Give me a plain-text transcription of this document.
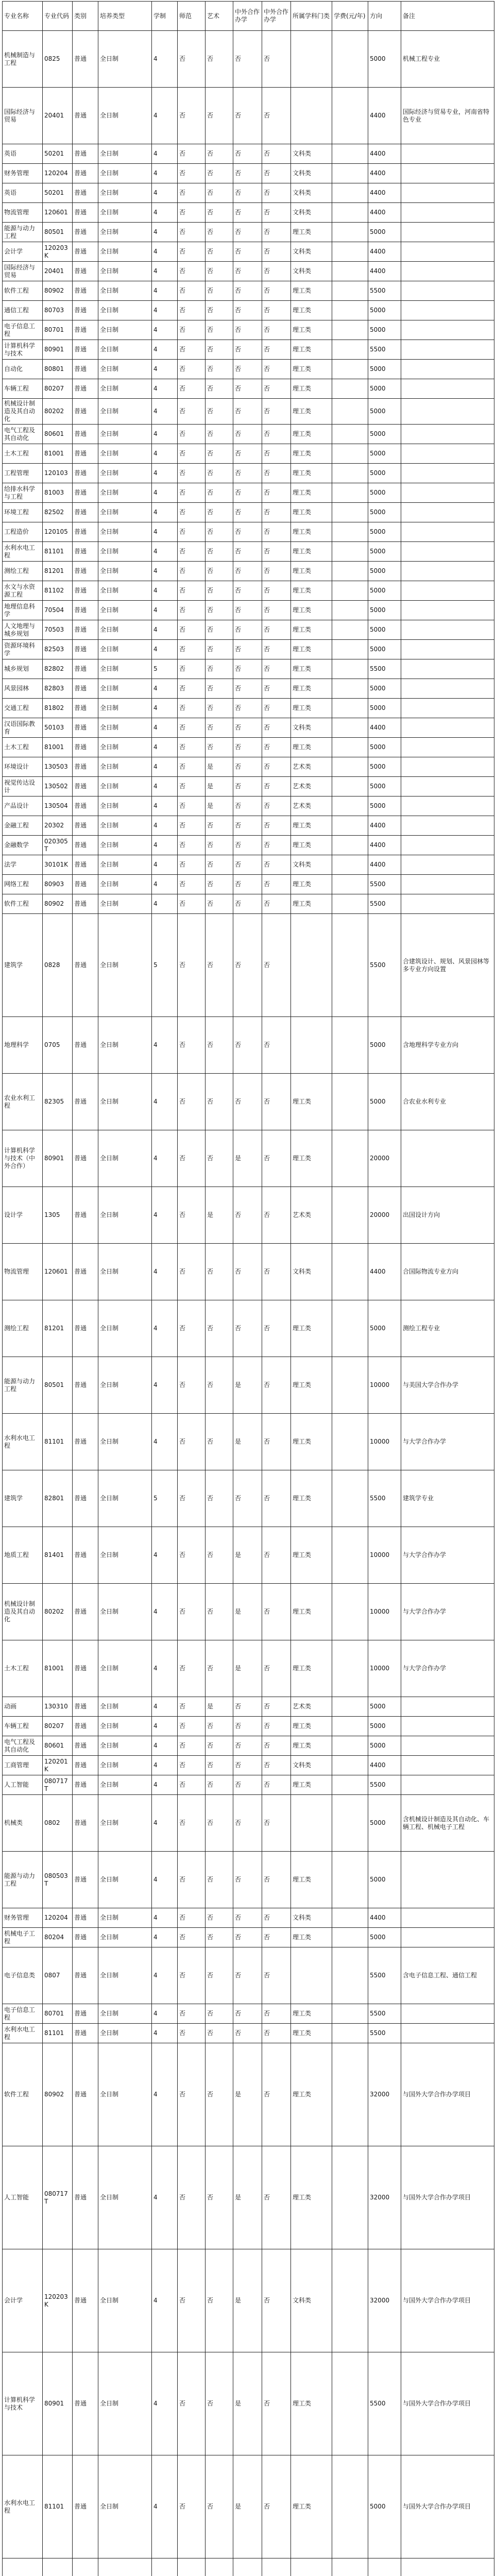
专业名称	专业代码	类别	培养类型	学制	师范	艺术	中外合作办学	中外合作办学	所属学科门类	学费(元/年)	方向	备注
机械制造与工程	0825	普通	全日制	4	否	否	否	否			5000	机械工程专业
国际经济与贸易	20401	普通	全日制	4	否	否	否	否			4400	国际经济与贸易专业，河南省特色专业
英语	50201	普通	全日制	4	否	否	否	否	文科类		4400	
财务管理	120204	普通	全日制	4	否	否	否	否	文科类		4400	
英语	50201	普通	全日制	4	否	否	否	否	文科类		4400	
物流管理	120601	普通	全日制	4	否	否	否	否	文科类		4400	
能源与动力工程	80501	普通	全日制	4	否	否	否	否	理工类		5000	
会计学	120203K	普通	全日制	4	否	否	否	否	文科类		4400	
国际经济与贸易	20401	普通	全日制	4	否	否	否	否	文科类		4400	
软件工程	80902	普通	全日制	4	否	否	否	否	理工类		5500	
通信工程	80703	普通	全日制	4	否	否	否	否	理工类		5000	
电子信息工程	80701	普通	全日制	4	否	否	否	否	理工类		5000	
计算机科学与技术	80901	普通	全日制	4	否	否	否	否	理工类		5500	
自动化	80801	普通	全日制	4	否	否	否	否	理工类		5000	
车辆工程	80207	普通	全日制	4	否	否	否	否	理工类		5000	
机械设计制造及其自动化	80202	普通	全日制	4	否	否	否	否	理工类		5000	
电气工程及其自动化	80601	普通	全日制	4	否	否	否	否	理工类		5000	
土木工程	81001	普通	全日制	4	否	否	否	否	理工类		5000	
工程管理	120103	普通	全日制	4	否	否	否	否	理工类		5000	
给排水科学与工程	81003	普通	全日制	4	否	否	否	否	理工类		5000	
环境工程	82502	普通	全日制	4	否	否	否	否	理工类		5000	
工程造价	120105	普通	全日制	4	否	否	否	否	理工类		5000	
水利水电工程	81101	普通	全日制	4	否	否	否	否	理工类		5000	
测绘工程	81201	普通	全日制	4	否	否	否	否	理工类		5000	
水文与水资源工程	81102	普通	全日制	4	否	否	否	否	理工类		5000	
地理信息科学	70504	普通	全日制	4	否	否	否	否	理工类		5000	
人文地理与城乡规划	70503	普通	全日制	4	否	否	否	否	理工类		5000	
资源环境科学	82503	普通	全日制	4	否	否	否	否	理工类		5000	
城乡规划	82802	普通	全日制	5	否	否	否	否	理工类		5500	
风景园林	82803	普通	全日制	4	否	否	否	否	理工类		5000	
交通工程	81802	普通	全日制	4	否	否	否	否	理工类		5000	
汉语国际教育	50103	普通	全日制	4	否	否	否	否	文科类		4400	
土木工程	81001	普通	全日制	4	否	否	否	否	理工类		5000	
环境设计	130503	普通	全日制	4	否	是	否	否	艺术类		5000	
视觉传达设计	130502	普通	全日制	4	否	是	否	否	艺术类		5000	
产品设计	130504	普通	全日制	4	否	是	否	否	艺术类		5000	
金融工程	20302	普通	全日制	4	否	否	否	否	理工类		4400	
金融数学	020305T	普通	全日制	4	否	否	否	否	理工类		4400	
法学	30101K	普通	全日制	4	否	否	否	否	文科类		4400	
网络工程	80903	普通	全日制	4	否	否	否	否	理工类		5500	
软件工程	80902	普通	全日制	4	否	否	否	否	理工类		5500	
建筑学	0828	普通	全日制	5	否	否	否	否			5500	合建筑设计、规划、风景园林等多专业方向设置
地理科学	0705	普通	全日制	4	否	否	否	否			5000	含地理科学专业方向
农业水利工程	82305	普通	全日制	4	否	否	否	否	理工类		5000	合农业水利专业
计算机科学与技术（中外合作）	80901	普通	全日制	4	否	否	是	否	理工类		20000	
设计学	1305	普通	全日制	4	否	是	否	否	艺术类		20000	出国设计方向
物流管理	120601	普通	全日制	4	否	否	否	否	文科类		4400	合国际物流专业方向
测绘工程	81201	普通	全日制	4	否	否	否	否	理工类		5000	测绘工程专业
能源与动力工程	80501	普通	全日制	4	否	否	是	否	理工类		10000	与美国大学合作办学
水利水电工程	81101	普通	全日制	4	否	否	是	否	理工类		10000	与大学合作办学
建筑学	82801	普通	全日制	5	否	否	否	否	理工类		5500	建筑学专业
地质工程	81401	普通	全日制	4	否	否	是	否	理工类		10000	与大学合作办学
机械设计制造及其自动化	80202	普通	全日制	4	否	否	是	否	理工类		10000	与大学合作办学
土木工程	81001	普通	全日制	4	否	否	是	否	理工类		10000	与大学合作办学
动画	130310	普通	全日制	4	否	是	否	否	艺术类		5000	
车辆工程	80207	普通	全日制	4	否	否	否	否	理工类		5000	
电气工程及其自动化	80601	普通	全日制	4	否	否	否	否	理工类		5000	
工商管理	120201K	普通	全日制	4	否	否	否	否	文科类		4400	
人工智能	080717T	普通	全日制	4	否	否	否	否	理工类		5500	
机械类	0802	普通	全日制	4	否	否	否	否			5000	含机械设计制造及其自动化、车辆工程、机械电子工程
能源与动力工程	080503T	普通	全日制	4	否	否	否	否	理工类		5000	
财务管理	120204	普通	全日制	4	否	否	否	否	文科类		4400	
机械电子工程	80204	普通	全日制	4	否	否	否	否	理工类		5000	
电子信息类	0807	普通	全日制	4	否	否	否	否			5500	含电子信息工程、通信工程
电子信息工程	80701	普通	全日制	4	否	否	否	否	理工类		5500	
水利水电工程	81101	普通	全日制	4	否	否	否	否	理工类		5500	
软件工程	80902	普通	全日制	4	否	否	是	否	理工类		32000	与国外大学合作办学项目
人工智能	080717T	普通	全日制	4	否	否	是	否	理工类		32000	与国外大学合作办学项目
会计学	120203K	普通	全日制	4	否	否	是	否	文科类		32000	与国外大学合作办学项目
计算机科学与技术	80901	普通	全日制	4	否	否	是	否	理工类		5500	与国外大学合作办学项目
水利水电工程	81101	普通	全日制	4	否	否	是	否	理工类		5000	与国外大学合作办学项目
